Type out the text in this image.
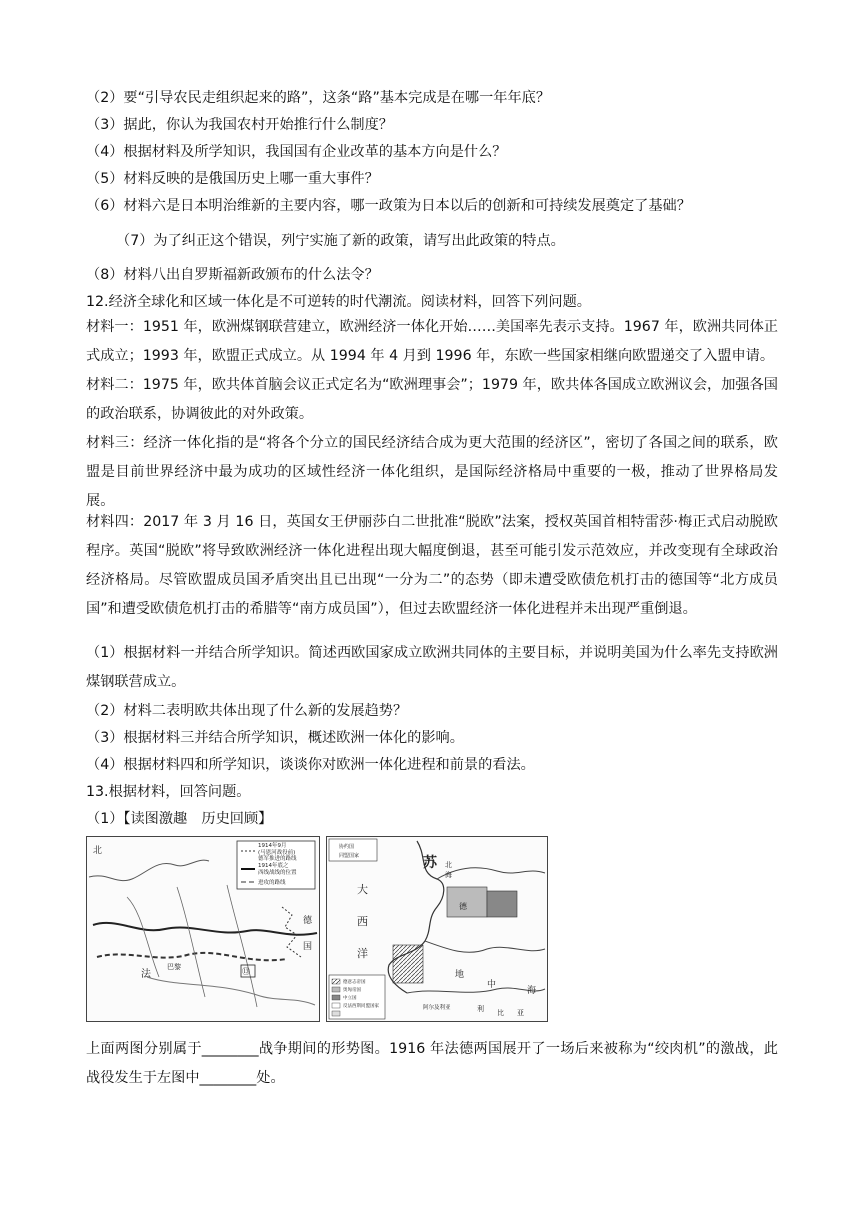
（2）要“引导农民走组织起来的路”，这条“路”基本完成是在哪一年年底？
（3）据此，你认为我国农村开始推行什么制度？
（4）根据材料及所学知识，我国国有企业改革的基本方向是什么？
（5）材料反映的是俄国历史上哪一重大事件？
（6）材料六是日本明治维新的主要内容，哪一政策为日本以后的创新和可持续发展奠定了基础？
（7）为了纠正这个错误，列宁实施了新的政策，请写出此政策的特点。
（8）材料八出自罗斯福新政颁布的什么法令？
12.经济全球化和区域一体化是不可逆转的时代潮流。阅读材料，回答下列问题。
材料一：1951 年，欧洲煤钢联营建立，欧洲经济一体化开始……美国率先表示支持。1967 年，欧洲共同体正式成立；1993 年，欧盟正式成立。从 1994 年 4 月到 1996 年，东欧一些国家相继向欧盟递交了入盟申请。
材料二：1975 年，欧共体首脑会议正式定名为“欧洲理事会”；1979 年，欧共体各国成立欧洲议会，加强各国的政治联系，协调彼此的对外政策。
材料三：经济一体化指的是“将各个分立的国民经济结合成为更大范围的经济区”，密切了各国之间的联系，欧盟是目前世界经济中最为成功的区域性经济一体化组织，是国际经济格局中重要的一极，推动了世界格局发展。
材料四：2017 年 3 月 16 日，英国女王伊丽莎白二世批准“脱欧”法案，授权英国首相特雷莎·梅正式启动脱欧程序。英国“脱欧”将导致欧洲经济一体化进程出现大幅度倒退，甚至可能引发示范效应，并改变现有全球政治经济格局。尽管欧盟成员国矛盾突出且已出现“一分为二”的态势（即未遭受欧债危机打击的德国等“北方成员国”和遭受欧债危机打击的希腊等“南方成员国”），但过去欧盟经济一体化进程并未出现严重倒退。
（1）根据材料一并结合所学知识。简述西欧国家成立欧洲共同体的主要目标，并说明美国为什么率先支持欧洲煤钢联营成立。
（2）材料二表明欧共体出现了什么新的发展趋势？
（3）根据材料三并结合所学知识，概述欧洲一体化的影响。
（4）根据材料四和所学知识，谈谈你对欧洲一体化进程和前景的看法。
13.根据材料，回答问题。
（1）【读图激趣　历史回顾】
1914年9月
(马恩河战役前)
德军推进的路线
1914年底之
西线战线的位置
进攻的路线
北
法
德
国
巴黎	⑬
协约国
同盟国家
德意志帝国
奥匈帝国
中立国
反法西斯同盟国家
大
西
洋
苏 北
海
地
中
海
阿尔及利亚	利 比 亚
德
上面两图分别属于________战争期间的形势图。1916 年法德两国展开了一场后来被称为“绞肉机”的激战，此战役发生于左图中________处。
